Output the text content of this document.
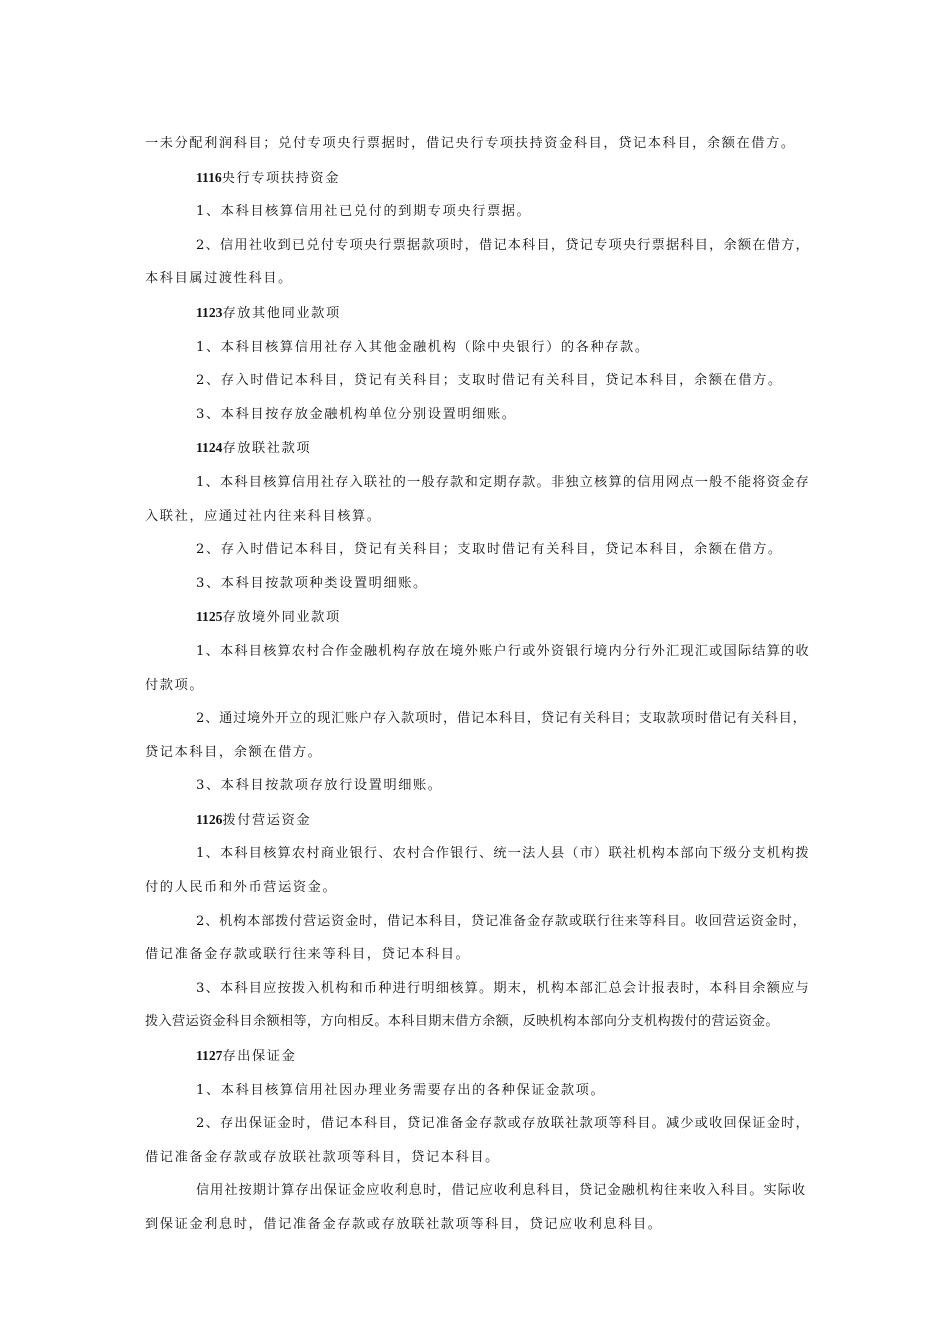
一未分配利润科目；兑付专项央行票据时，借记央行专项扶持资金科目，贷记本科目，余额在借方。
1116央行专项扶持资金
1、本科目核算信用社已兑付的到期专项央行票据。
2、信用社收到已兑付专项央行票据款项时，借记本科目，贷记专项央行票据科目，余额在借方，
本科目属过渡性科目。
1123存放其他同业款项
1、本科目核算信用社存入其他金融机构（除中央银行）的各种存款。
2、存入时借记本科目，贷记有关科目；支取时借记有关科目，贷记本科目，余额在借方。
3、本科目按存放金融机构单位分别设置明细账。
1124存放联社款项
1、本科目核算信用社存入联社的一般存款和定期存款。非独立核算的信用网点一般不能将资金存
入联社，应通过社内往来科目核算。
2、存入时借记本科目，贷记有关科目；支取时借记有关科目，贷记本科目，余额在借方。
3、本科目按款项种类设置明细账。
1125存放境外同业款项
1、本科目核算农村合作金融机构存放在境外账户行或外资银行境内分行外汇现汇或国际结算的收
付款项。
2、通过境外开立的现汇账户存入款项时，借记本科目，贷记有关科目；支取款项时借记有关科目，
贷记本科目，余额在借方。
3、本科目按款项存放行设置明细账。
1126拨付营运资金
1、本科目核算农村商业银行、农村合作银行、统一法人县（市）联社机构本部向下级分支机构拨
付的人民币和外币营运资金。
2、机构本部拨付营运资金时，借记本科目，贷记准备金存款或联行往来等科目。收回营运资金时，
借记准备金存款或联行往来等科目，贷记本科目。
3、本科目应按拨入机构和币种进行明细核算。期末，机构本部汇总会计报表时，本科目余额应与
拨入营运资金科目余额相等，方向相反。本科目期末借方余额，反映机构本部向分支机构拨付的营运资金。
1127存出保证金
1、本科目核算信用社因办理业务需要存出的各种保证金款项。
2、存出保证金时，借记本科目，贷记准备金存款或存放联社款项等科目。减少或收回保证金时，
借记准备金存款或存放联社款项等科目，贷记本科目。
信用社按期计算存出保证金应收利息时，借记应收利息科目，贷记金融机构往来收入科目。实际收
到保证金利息时，借记准备金存款或存放联社款项等科目，贷记应收利息科目。
